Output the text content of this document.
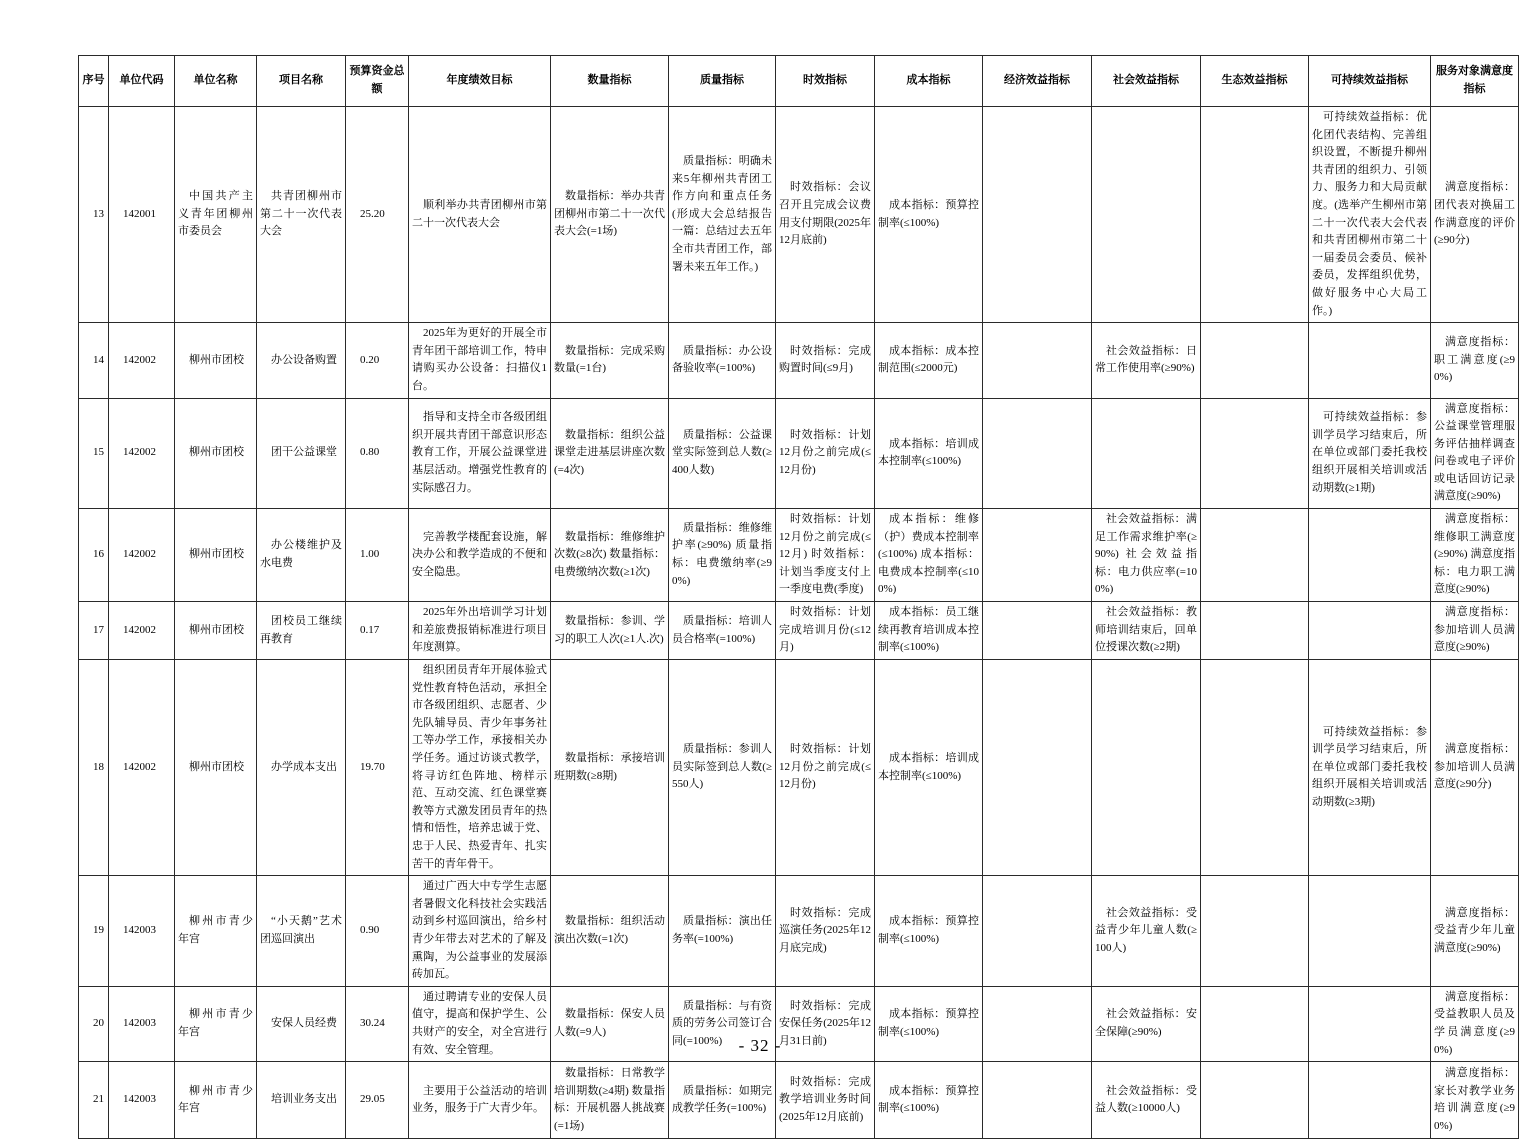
序号	单位代码	单位名称	项目名称	预算资金总额	年度绩效目标	数量指标	质量指标	时效指标	成本指标	经济效益指标	社会效益指标	生态效益指标	可持续效益指标	服务对象满意度指标
13	142001	中国共产主义青年团柳州市委员会	共青团柳州市第二十一次代表大会	25.20	顺利举办共青团柳州市第二十一次代表大会	数量指标：举办共青团柳州市第二十一次代表大会(=1场)	质量指标：明确未来5年柳州共青团工作方向和重点任务(形成大会总结报告一篇：总结过去五年全市共青团工作，部署未来五年工作。)	时效指标：会议召开且完成会议费用支付期限(2025年12月底前)	成本指标：预算控制率(≤100%)				可持续效益指标：优化团代表结构、完善组织设置，不断提升柳州共青团的组织力、引领力、服务力和大局贡献度。(选举产生柳州市第二十一次代表大会代表和共青团柳州市第二十一届委员会委员、候补委员，发挥组织优势，做好服务中心大局工作。)	满意度指标：团代表对换届工作满意度的评价(≥90分)
14	142002	柳州市团校	办公设备购置	0.20	2025年为更好的开展全市青年团干部培训工作，特申请购买办公设备：扫描仪1台。	数量指标：完成采购数量(=1台)	质量指标：办公设备验收率(=100%)	时效指标：完成购置时间(≤9月)	成本指标：成本控制范围(≤2000元)		社会效益指标：日常工作使用率(≥90%)			满意度指标：职工满意度(≥90%)
15	142002	柳州市团校	团干公益课堂	0.80	指导和支持全市各级团组织开展共青团干部意识形态教育工作，开展公益课堂进基层活动。增强党性教育的实际感召力。	数量指标：组织公益课堂走进基层讲座次数(=4次)	质量指标：公益课堂实际签到总人数(≥400人数)	时效指标：计划12月份之前完成(≤12月份)	成本指标：培训成本控制率(≤100%)				可持续效益指标：参训学员学习结束后，所在单位或部门委托我校组织开展相关培训或活动期数(≥1期)	满意度指标：公益课堂管理服务评估抽样调查问卷或电子评价或电话回访记录满意度(≥90%)
16	142002	柳州市团校	办公楼维护及水电费	1.00	完善教学楼配套设施，解决办公和教学造成的不便和安全隐患。	数量指标：维修维护次数(≥8次) 数量指标：电费缴纳次数(≥1次)	质量指标：维修维护率(≥90%) 质量指标：电费缴纳率(≥90%)	时效指标：计划12月份之前完成(≤12月) 时效指标：计划当季度支付上一季度电费(季度)	成本指标：维修（护）费成本控制率(≤100%) 成本指标：电费成本控制率(≤100%)		社会效益指标：满足工作需求维护率(≥90%) 社会效益指标：电力供应率(=100%)			满意度指标：维修职工满意度(≥90%) 满意度指标：电力职工满意度(≥90%)
17	142002	柳州市团校	团校员工继续再教育	0.17	2025年外出培训学习计划和差旅费报销标准进行项目年度测算。	数量指标：参训、学习的职工人次(≥1人.次)	质量指标：培训人员合格率(=100%)	时效指标：计划完成培训月份(≤12月)	成本指标：员工继续再教育培训成本控制率(≤100%)		社会效益指标：教师培训结束后，回单位授课次数(≥2期)			满意度指标：参加培训人员满意度(≥90%)
18	142002	柳州市团校	办学成本支出	19.70	组织团员青年开展体验式党性教育特色活动，承担全市各级团组织、志愿者、少先队辅导员、青少年事务社工等办学工作，承接相关办学任务。通过访谈式教学，将寻访红色阵地、榜样示范、互动交流、红色课堂赛教等方式激发团员青年的热情和悟性，培养忠诚于党、忠于人民、热爱青年、扎实苦干的青年骨干。	数量指标：承接培训班期数(≥8期)	质量指标：参训人员实际签到总人数(≥550人)	时效指标：计划12月份之前完成(≤12月份)	成本指标：培训成本控制率(≤100%)				可持续效益指标：参训学员学习结束后，所在单位或部门委托我校组织开展相关培训或活动期数(≥3期)	满意度指标：参加培训人员满意度(≥90分)
19	142003	柳州市青少年宫	“小天鹅”艺术团巡回演出	0.90	通过广西大中专学生志愿者暑假文化科技社会实践活动到乡村巡回演出，给乡村青少年带去对艺术的了解及熏陶，为公益事业的发展添砖加瓦。	数量指标：组织活动演出次数(=1次)	质量指标：演出任务率(=100%)	时效指标：完成巡演任务(2025年12月底完成)	成本指标：预算控制率(≤100%)		社会效益指标：受益青少年儿童人数(≥100人)			满意度指标：受益青少年儿童满意度(≥90%)
20	142003	柳州市青少年宫	安保人员经费	30.24	通过聘请专业的安保人员值守，提高和保护学生、公共财产的安全，对全宫进行有效、安全管理。	数量指标：保安人员人数(=9人)	质量指标：与有资质的劳务公司签订合同(=100%)	时效指标：完成安保任务(2025年12月31日前)	成本指标：预算控制率(≤100%)		社会效益指标：安全保障(≥90%)			满意度指标：受益教职人员及学员满意度(≥90%)
21	142003	柳州市青少年宫	培训业务支出	29.05	主要用于公益活动的培训业务，服务于广大青少年。	数量指标：日常教学培训期数(≥4期) 数量指标：开展机器人挑战赛(=1场)	质量指标：如期完成教学任务(=100%)	时效指标：完成教学培训业务时间(2025年12月底前)	成本指标：预算控制率(≤100%)		社会效益指标：受益人数(≥10000人)			满意度指标：家长对教学业务培训满意度(≥90%)
- 32 -
